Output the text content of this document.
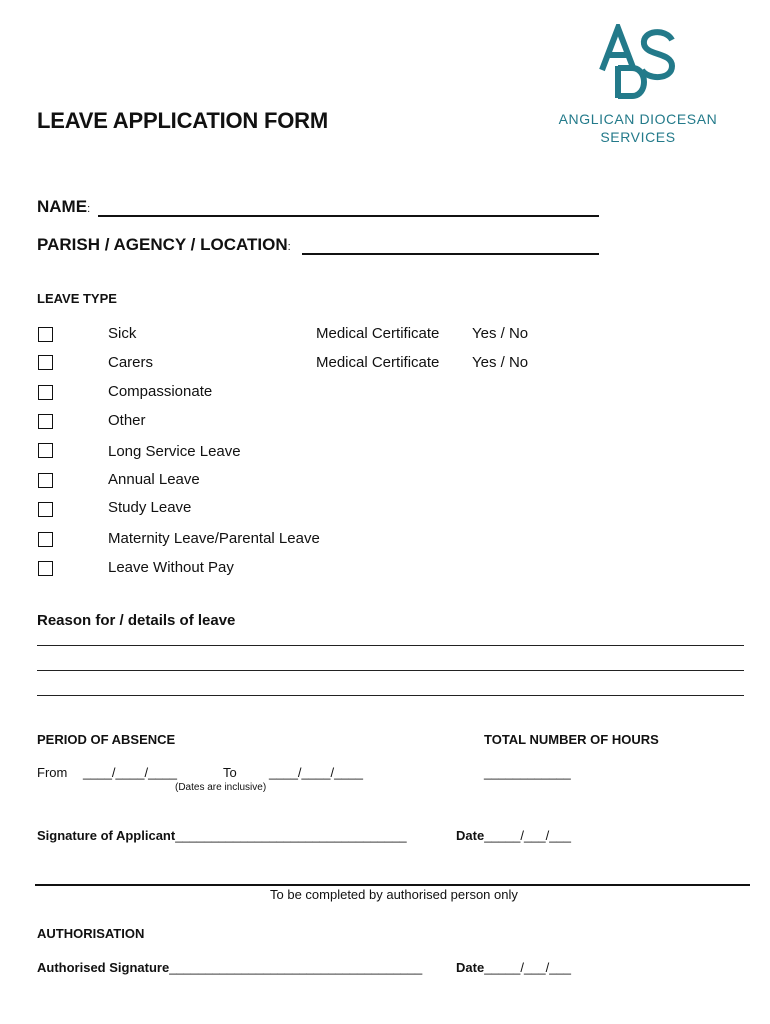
ANGLICAN DIOCESAN
SERVICES
LEAVE APPLICATION FORM
NAME:
PARISH / AGENCY / LOCATION:
LEAVE TYPE
Sick	Medical Certificate Yes / No
Carers	Medical Certificate Yes / No
Compassionate
Other
Long Service Leave
Annual Leave
Study Leave
Maternity Leave/Parental Leave
Leave Without Pay
Reason for / details of leave
PERIOD OF ABSENCE	TOTAL NUMBER OF HOURS
From ____/____/____	To ____/____/____	____________
(Dates are inclusive)
Signature of Applicant________________________________	Date_____/___/___
To be completed by authorised person only
AUTHORISATION
Authorised Signature___________________________________	Date_____/___/___
